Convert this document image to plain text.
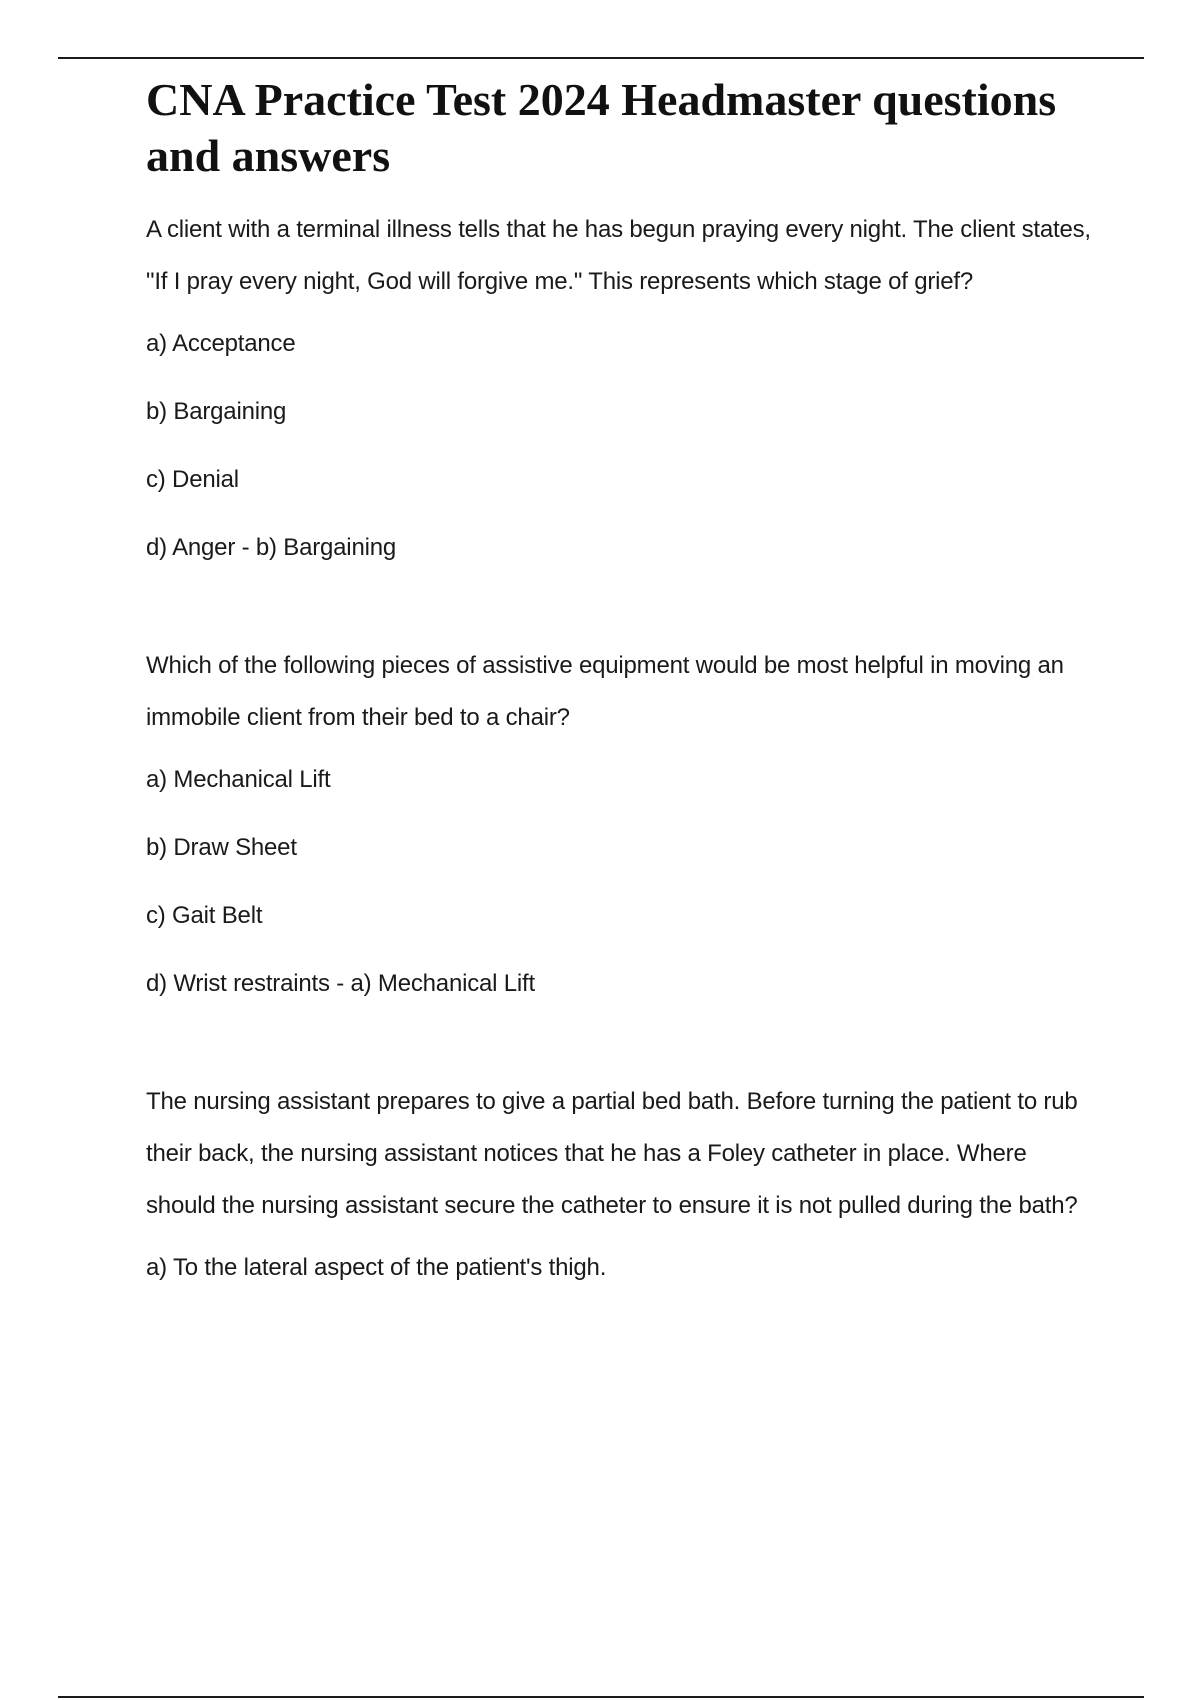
CNA Practice Test 2024 Headmaster questions and answers

A client with a terminal illness tells that he has begun praying every night. The client states, "If I pray every night, God will forgive me." This represents which stage of grief?

a) Acceptance

b) Bargaining

c) Denial

d) Anger - b) Bargaining

Which of the following pieces of assistive equipment would be most helpful in moving an immobile client from their bed to a chair?

a) Mechanical Lift

b) Draw Sheet

c) Gait Belt

d) Wrist restraints - a) Mechanical Lift

The nursing assistant prepares to give a partial bed bath. Before turning the patient to rub their back, the nursing assistant notices that he has a Foley catheter in place. Where should the nursing assistant secure the catheter to ensure it is not pulled during the bath?

a) To the lateral aspect of the patient's thigh.
